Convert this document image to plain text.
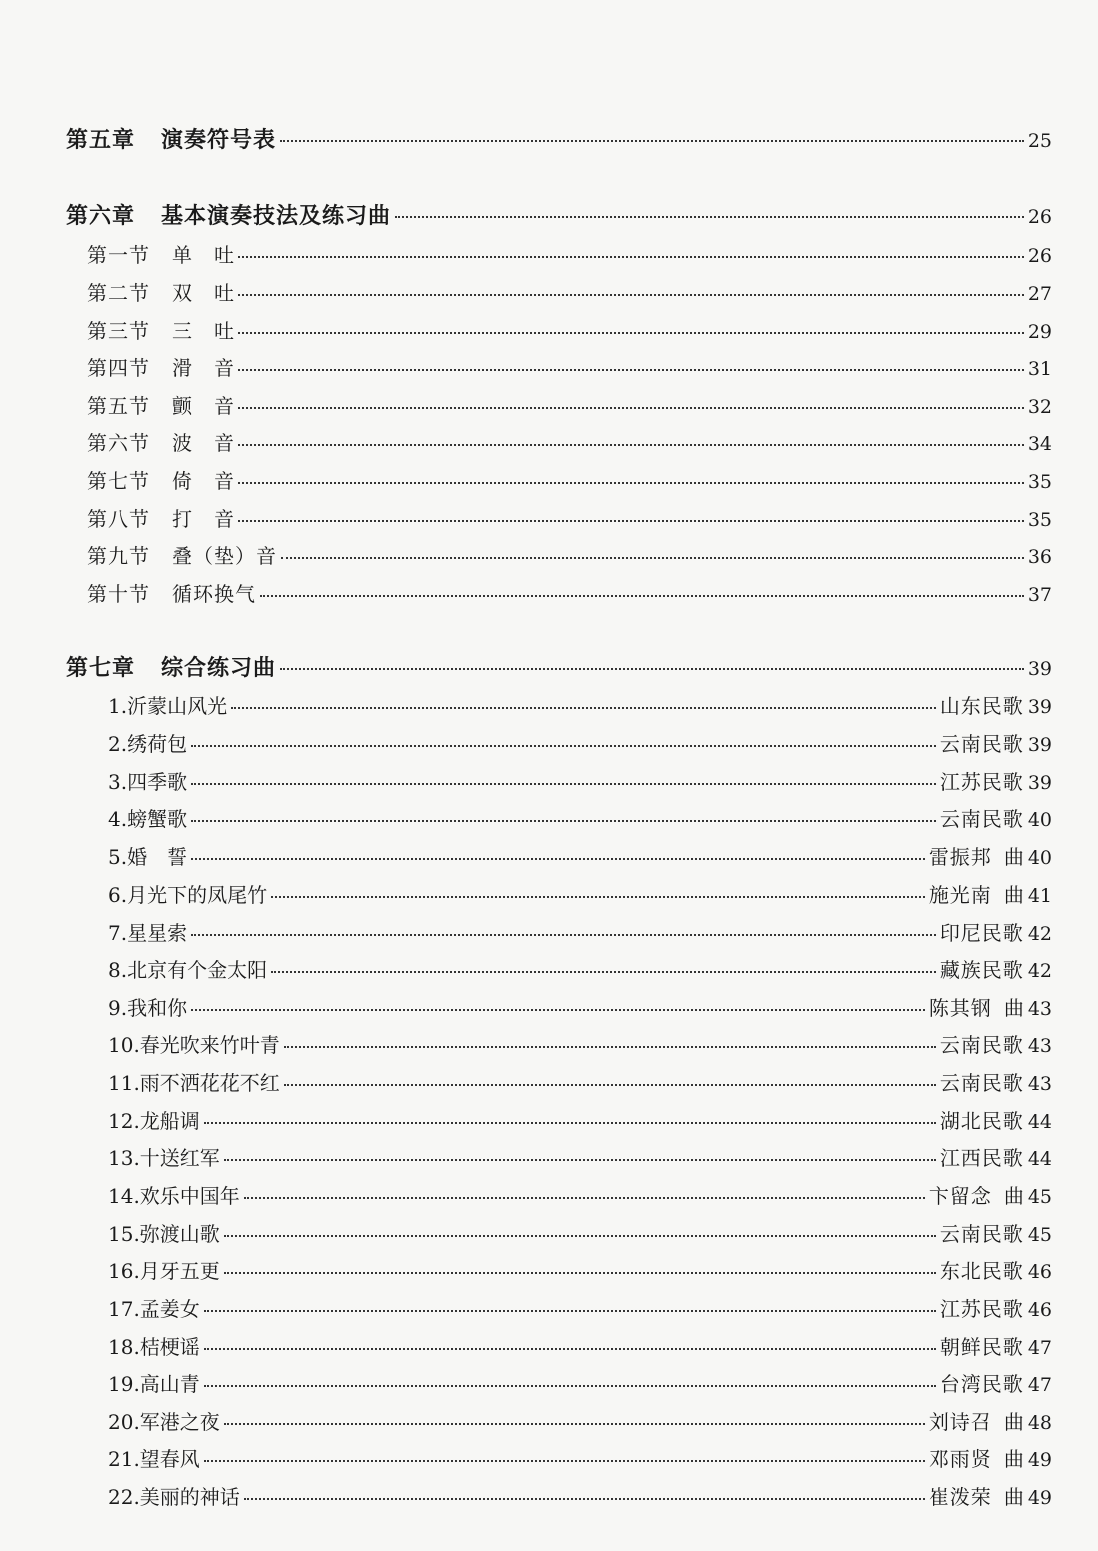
第五章 演奏符号表	25
第六章 基本演奏技法及练习曲	26
第一节 单吐	26
第二节 双吐	27
第三节 三吐	29
第四节 滑音	31
第五节 颤音	32
第六节 波音	34
第七节 倚音	35
第八节 打音	35
第九节 叠（垫）音	36
第十节 循环换气	37
第七章 综合练习曲	39
1.沂蒙山风光	山东民歌 39
2.绣荷包	云南民歌 39
3.四季歌	江苏民歌 39
4.螃蟹歌	云南民歌 40
5.婚　誓	雷振邦 曲 40
6.月光下的凤尾竹	施光南 曲 41
7.星星索	印尼民歌 42
8.北京有个金太阳	藏族民歌 42
9.我和你	陈其钢 曲 43
10.春光吹来竹叶青	云南民歌 43
11.雨不洒花花不红	云南民歌 43
12.龙船调	湖北民歌 44
13.十送红军	江西民歌 44
14.欢乐中国年	卞留念 曲 45
15.弥渡山歌	云南民歌 45
16.月牙五更	东北民歌 46
17.孟姜女	江苏民歌 46
18.桔梗谣	朝鲜民歌 47
19.高山青	台湾民歌 47
20.军港之夜	刘诗召 曲 48
21.望春风	邓雨贤 曲 49
22.美丽的神话	崔泼荣 曲 49
